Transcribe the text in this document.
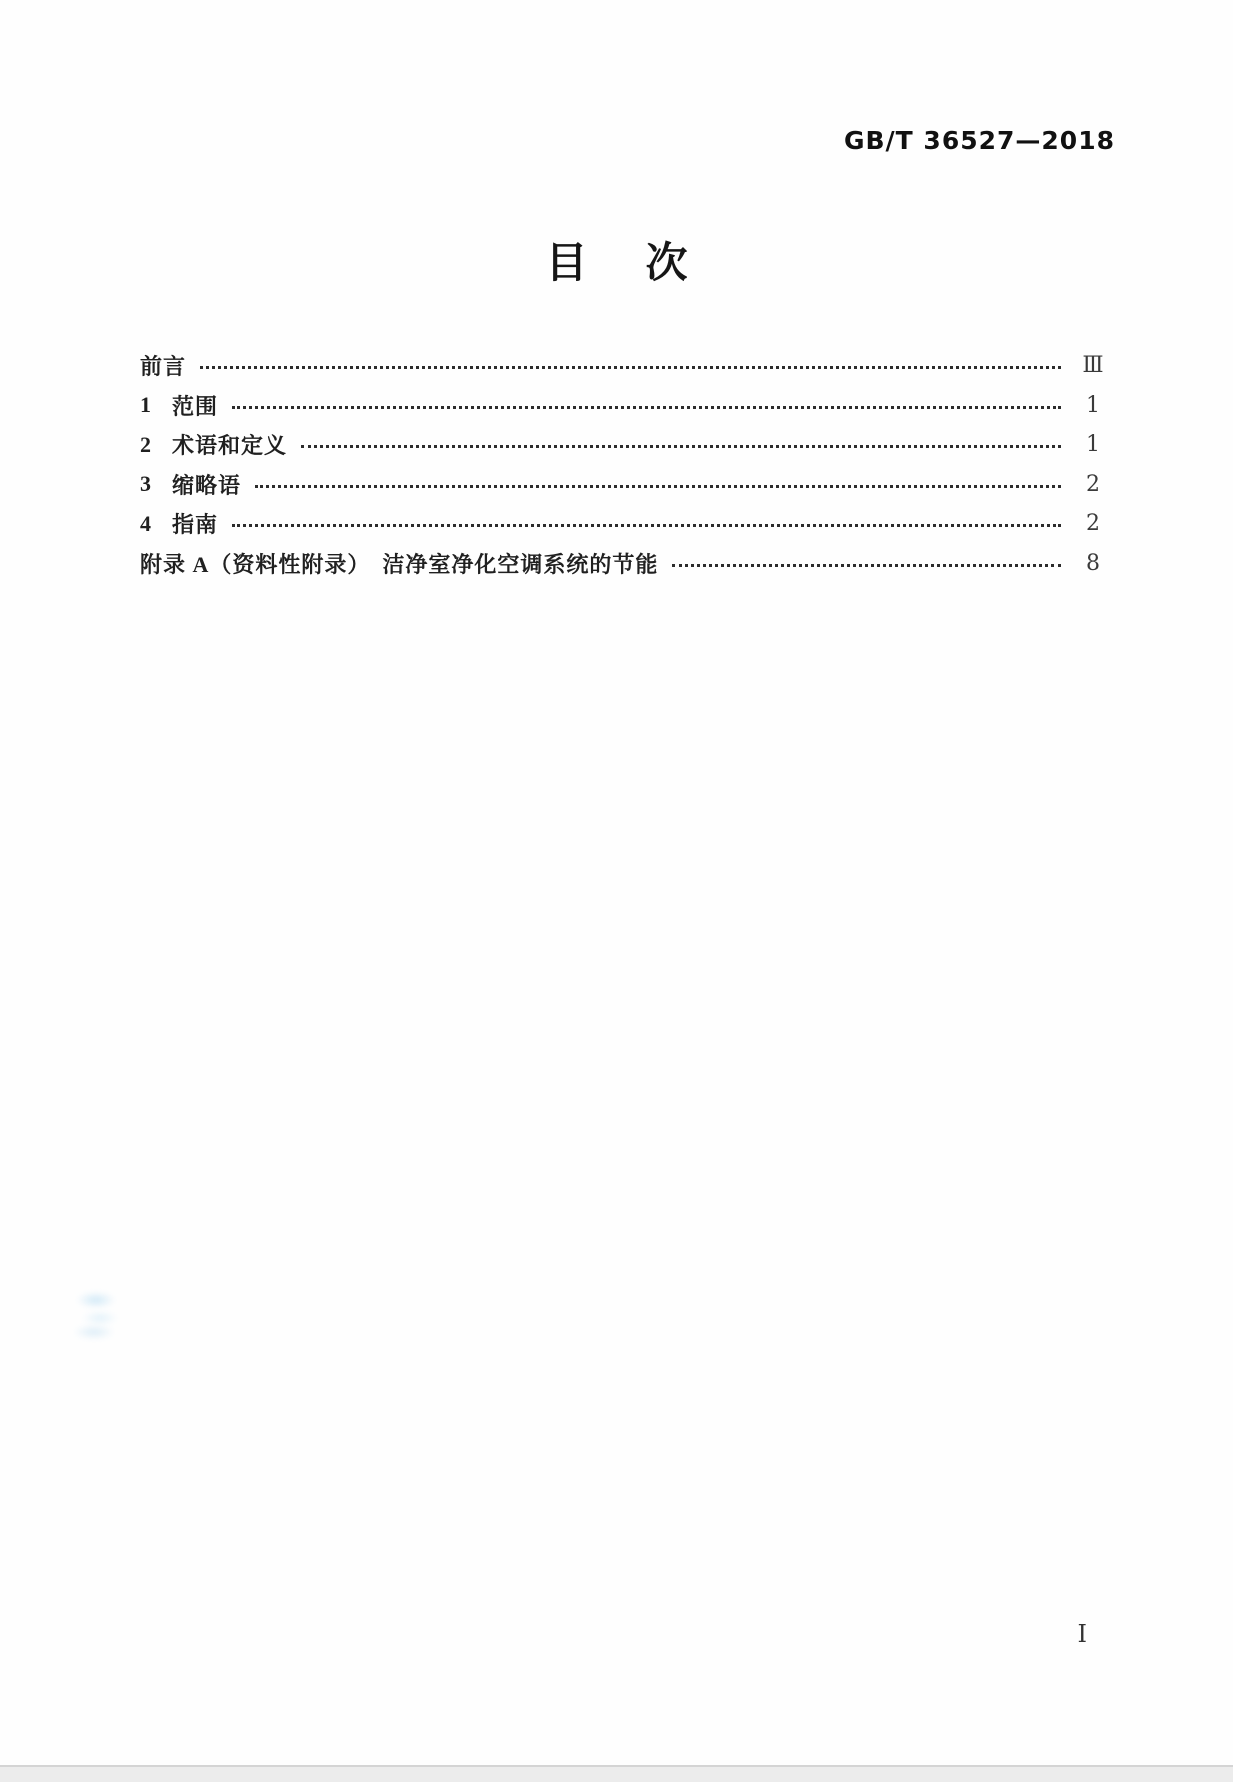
GB/T 36527—2018
目 次
前言	Ⅲ
1 范围	1
2 术语和定义	1
3 缩略语	2
4 指南	2
附录 A（资料性附录）　洁净室净化空调系统的节能	8
Ⅰ
